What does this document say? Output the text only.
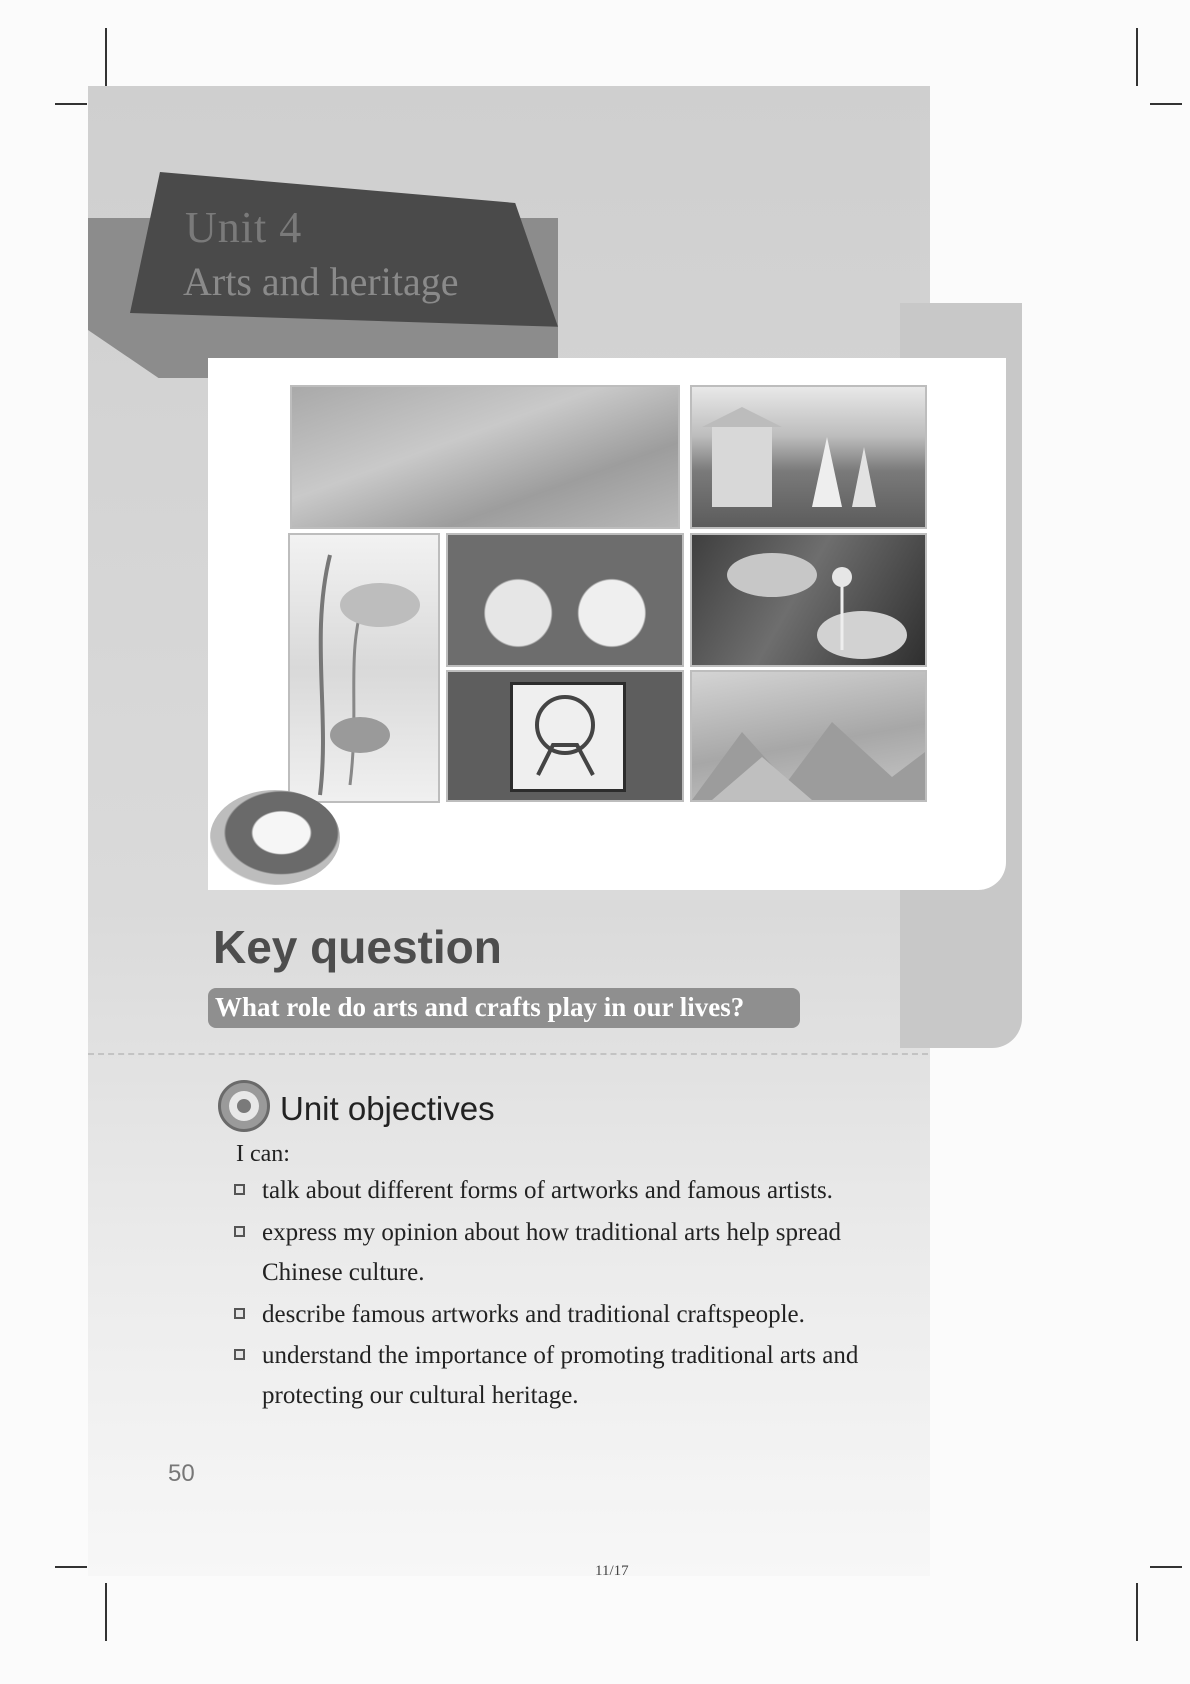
Unit 4
Arts and heritage
Key question
What role do arts and crafts play in our lives?
Unit objectives
I can:
talk about different forms of artworks and famous artists.
express my opinion about how traditional arts help spread Chinese culture.
describe famous artworks and traditional craftspeople.
understand the importance of promoting traditional arts and protecting our cultural heritage.
50
11/17
